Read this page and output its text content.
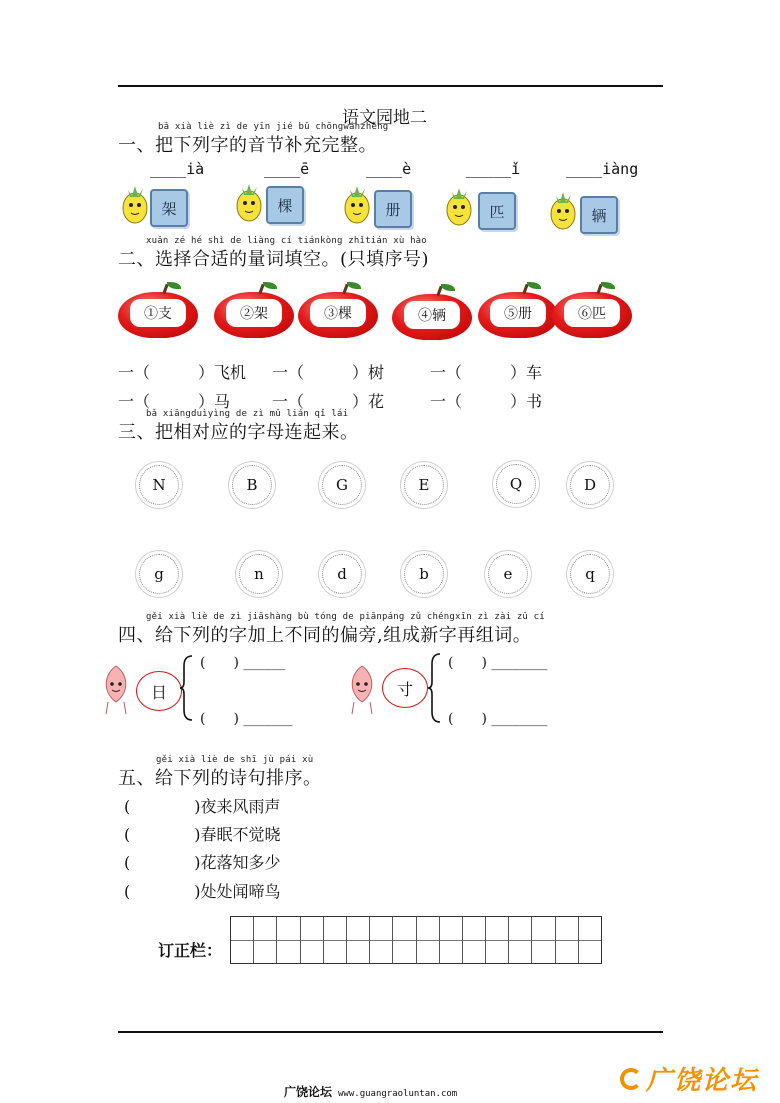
语文园地二
bǎ xià liè zì de yīn jié bǔ chōngwánzhěng
一、把下列字的音节补充完整。
____ià	____ē	____è	_____ǐ	____iàng
架	棵	册	匹	辆
xuǎn zé hé shì de liàng cí tiánkòng zhǐtián xù hào
二、选择合适的量词填空。(只填序号)
①支	②架	③棵	④辆	⑤册	⑥匹
一（　　　）飞机 一（　　　）树	一（　　　）车
一（　　　）马	一（　　　）花	一（　　　）书
bǎ xiāngduìyìng de zì mǔ lián qǐ lái
三、把相对应的字母连起来。
N	B	G	E	Q	D
g	n	d	b	e	q
gěi xià liè de zì jiāshàng bù tóng de piānpáng zǔ chéngxīn zì zài zǔ cí
四、给下列的字加上不同的偏旁,组成新字再组词。
日
(　　) ______
(　　) _______
寸
(　　) ________
(　　) ________
gěi xià liè de shī jù pái xù
五、给下列的诗句排序。
(　　　　)夜来风雨声
(　　　　)春眠不觉晓
(　　　　)花落知多少
(　　　　)处处闻啼鸟
订正栏：
广饶论坛 www.guangraoluntan.com	广饶论坛
